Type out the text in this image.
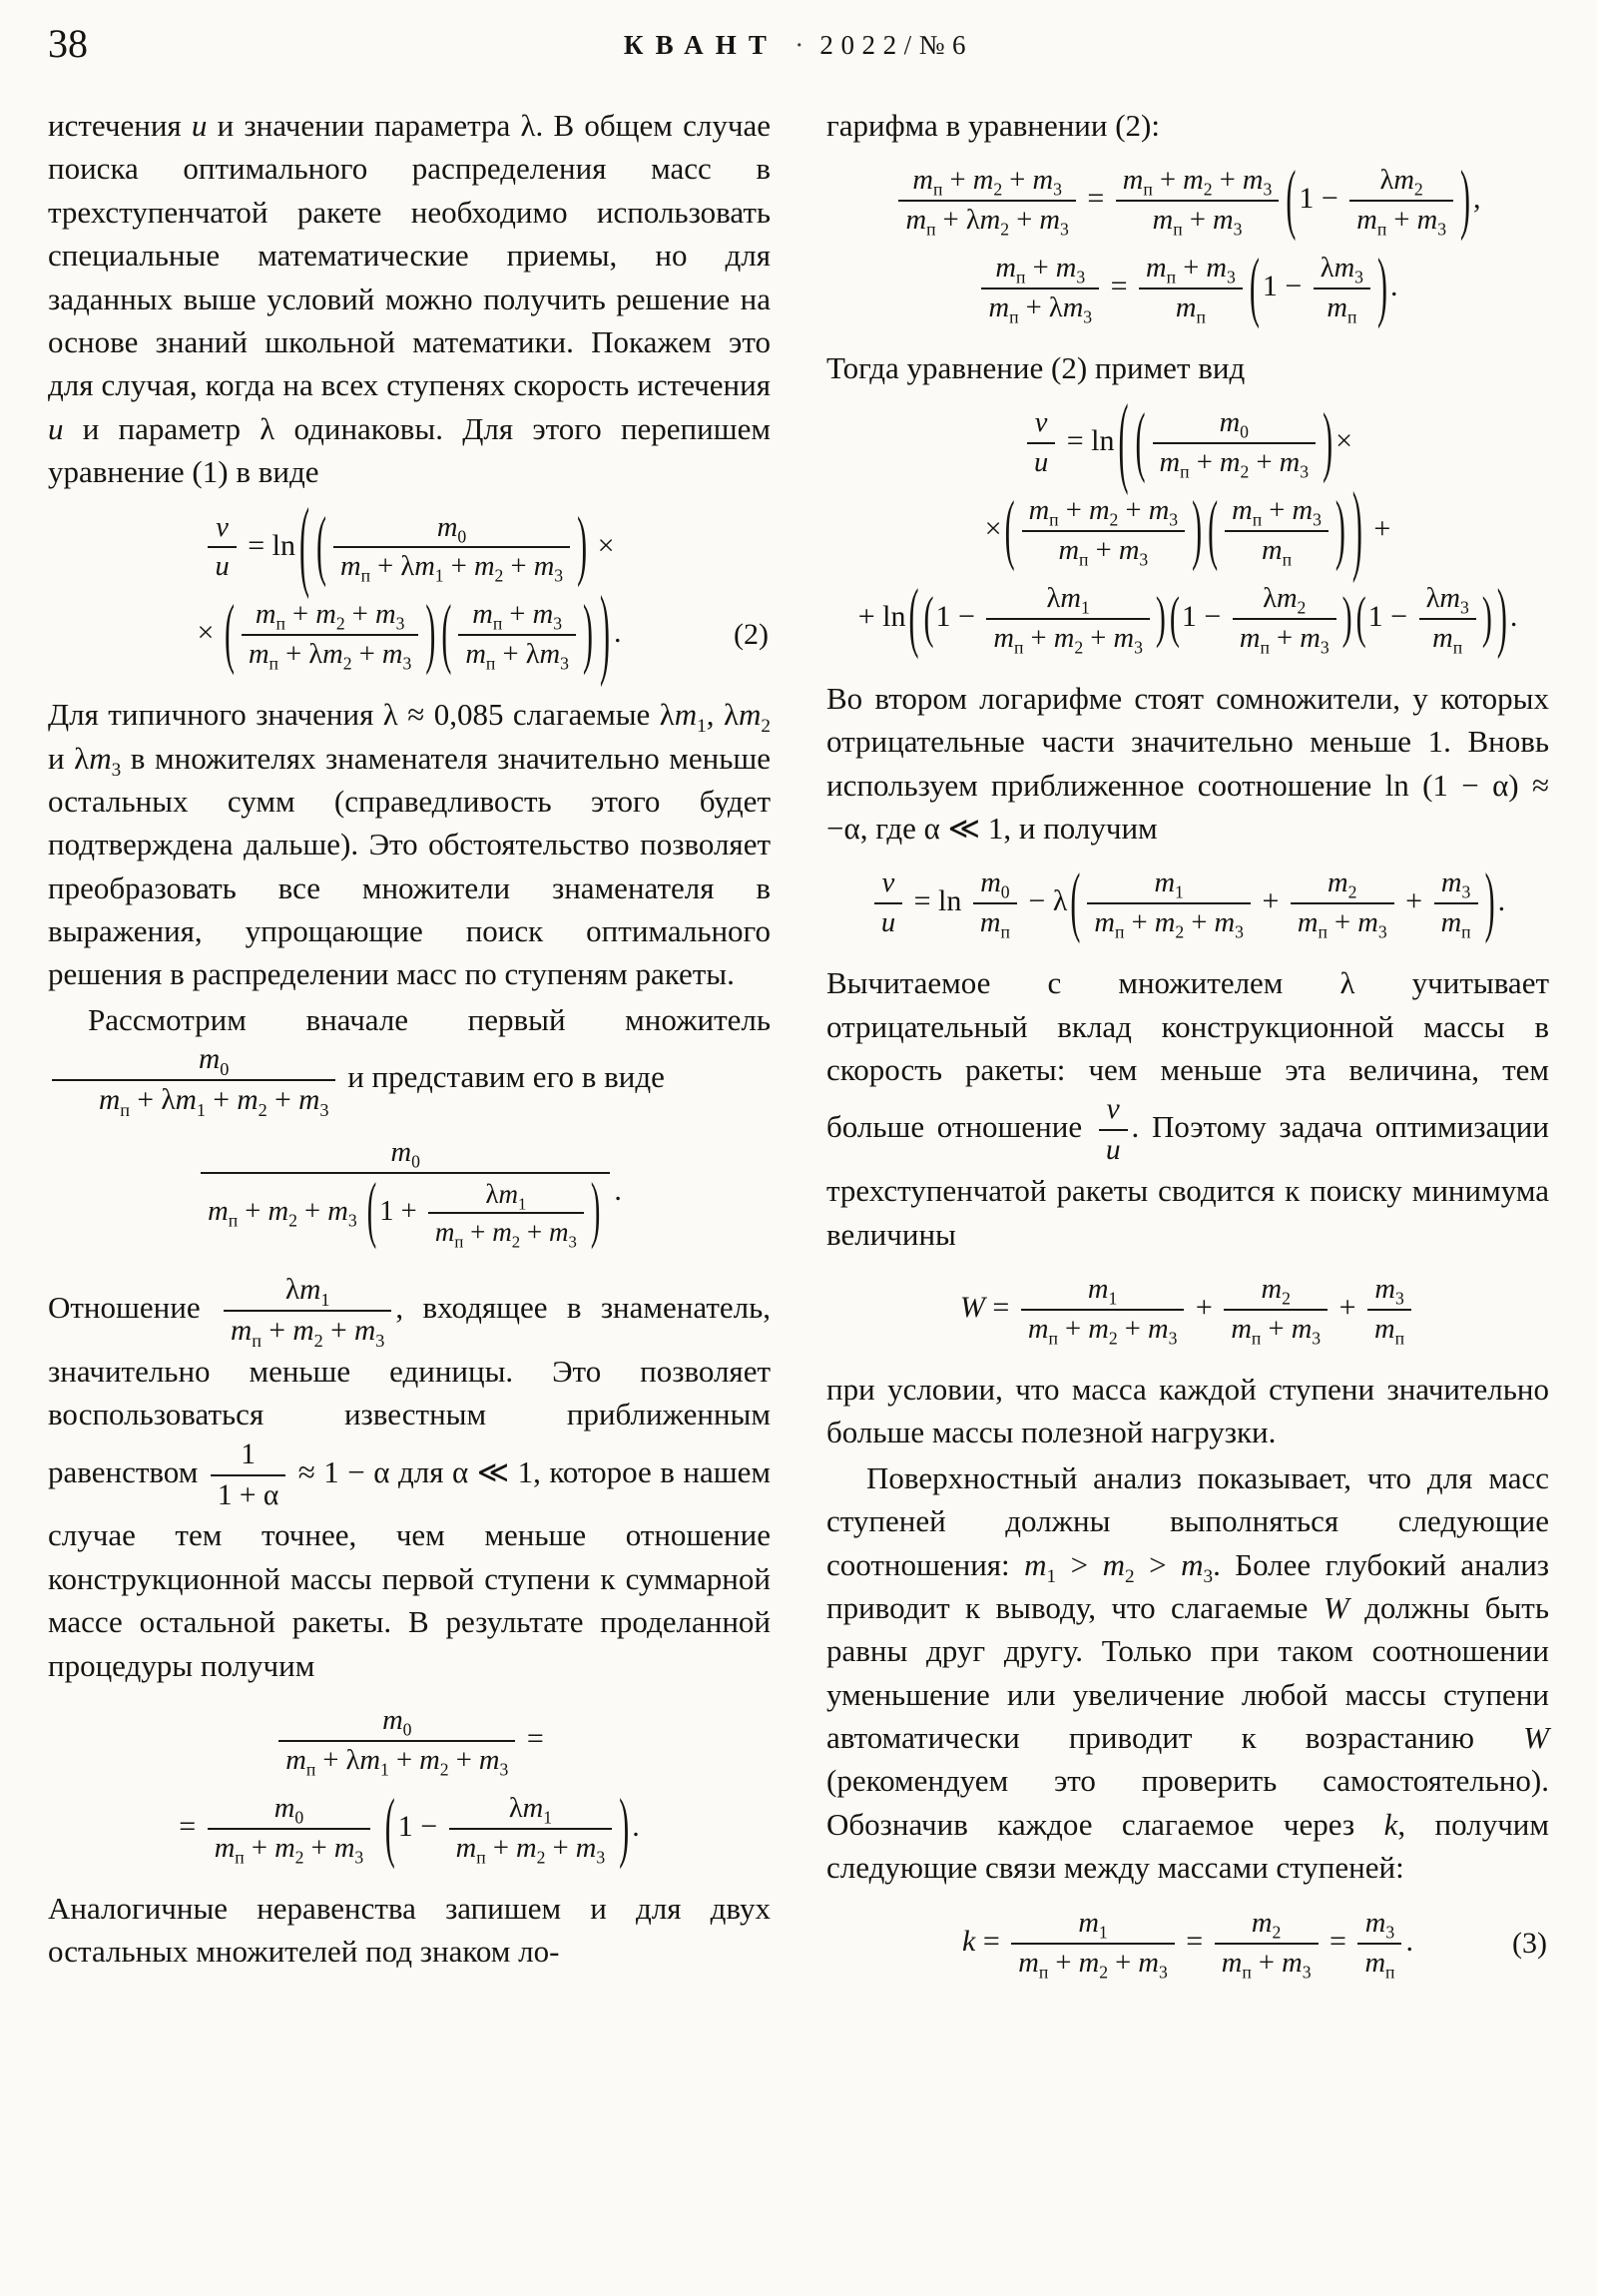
38	КВАНТ · 2022/№6

истечения u и значении параметра λ. В общем случае поиска оптимального распределения масс в трехступенчатой ракете необходимо использовать специальные математические приемы, но для заданных выше условий можно получить решение на основе знаний школьной математики. Покажем это для случая, когда на всех ступенях скорость истечения u и параметр λ одинаковы. Для этого перепишем уравнение (1) в виде

$\frac{v}{u} = \ln$ ( (	$m_0$
$m_п + \lambda m_1 + m_2 + m_3$ ) ×
× ( $m_п + m_2 + m_3$
$m_п + \lambda m_2 + m_3$ ) ( $m_п + m_3$
$m_п + \lambda m_3$ ) ) .	(2)

Для типичного значения λ ≈ 0,085 слагаемые $\lambda m_1$, $\lambda m_2$ и $\lambda m_3$ в множителях знаменателя значительно меньше остальных сумм (справедливость этого будет подтверждена дальше). Это обстоятельство позволяет преобразовать все множители знаменателя в выражения, упрощающие поиск оптимального решения в распределении масс по ступеням ракеты.

Рассмотрим вначале первый множитель
$m_0$
$m_п + \lambda m_1 + m_2 + m_3$
и представим его в виде

$m_0$
$m_п + m_2 + m_3$ ( 1 +
$\lambda m_1$
$m_п + m_2 + m_3$ ) .

Отношение
$\lambda m_1$
$m_п + m_2 + m_3$
, входящее в знаменатель, значительно меньше единицы. Это позволяет воспользоваться известным приближенным равенством $\frac{1}{1 + \alpha} \approx 1 - \alpha$ для α ≪ 1, которое в нашем случае тем точнее, чем меньше отношение конструкционной массы первой ступени к суммарной массе остальной ракеты. В результате проделанной процедуры получим

$m_0$
$m_п + \lambda m_1 + m_2 + m_3$
=
=
$m_0$
$m_п + m_2 + m_3$ ( 1 −
$\lambda m_1$
$m_п + m_2 + m_3$ ) .

Аналогичные неравенства запишем и для двух остальных множителей под знаком ло-

гарифма в уравнении (2):

$m_п + m_2 + m_3$
$m_п + \lambda m_2 + m_3$
=
$m_п + m_2 + m_3$
$m_п + m_3$	( 1 −
$\lambda m_2$
$m_п + m_3$ ) ,
$m_п + m_3$
$m_п + \lambda m_3$
=
$m_п + m_3$
$m_п$	( 1 −
$\lambda m_3$
$m_п$ ) .

Тогда уравнение (2) примет вид

$\frac{v}{u} = \ln$ ( (	$m_0$
$m_п + m_2 + m_3$ ) ×
× ( $m_п + m_2 + m_3$
$m_п + m_3$	) ( $m_п + m_3$
$m_п$	) ) +
+ ln ( (1 −
$\lambda m_1$
$m_п + m_2 + m_3$ ) (1 −
$\lambda m_2$
$m_п + m_3$ ) (1 −
$\lambda m_3$
$m_п$ ) ) .

Во втором логарифме стоят сомножители, у которых отрицательные части значительно меньше 1. Вновь используем приближенное соотношение ln (1 − α) ≈ −α, где α ≪ 1, и получим

$\frac{v}{u} = \ln$
$m_0$
$m_п$
− λ (	$m_1$
$m_п + m_2 + m_3$
+
$m_2$
$m_п + m_3$
+
$m_3$
$m_п$ ) .

Вычитаемое с множителем λ учитывает отрицательный вклад конструкционной массы в скорость ракеты: чем меньше эта величина, тем больше отношение $\frac{v}{u}$ . Поэтому задача оптимизации трехступенчатой ракеты сводится к поиску минимума величины

W =
$m_1$
$m_п + m_2 + m_3$
+
$m_2$
$m_п + m_3$
+
$m_3$
$m_п$

при условии, что масса каждой ступени значительно больше массы полезной нагрузки.

Поверхностный анализ показывает, что для масс ступеней должны выполняться следующие соотношения: $m_1 > m_2 > m_3$. Более глубокий анализ приводит к выводу, что слагаемые W должны быть равны друг другу. Только при таком соотношении уменьшение или увеличение любой массы ступени автоматически приводит к возрастанию W (рекомендуем это проверить самостоятельно). Обозначив каждое слагаемое через k, получим следующие связи между массами ступеней:

k =
$m_1$
$m_п + m_2 + m_3$
=
$m_2$
$m_п + m_3$
=
$m_3$
$m_п$
.	(3)
